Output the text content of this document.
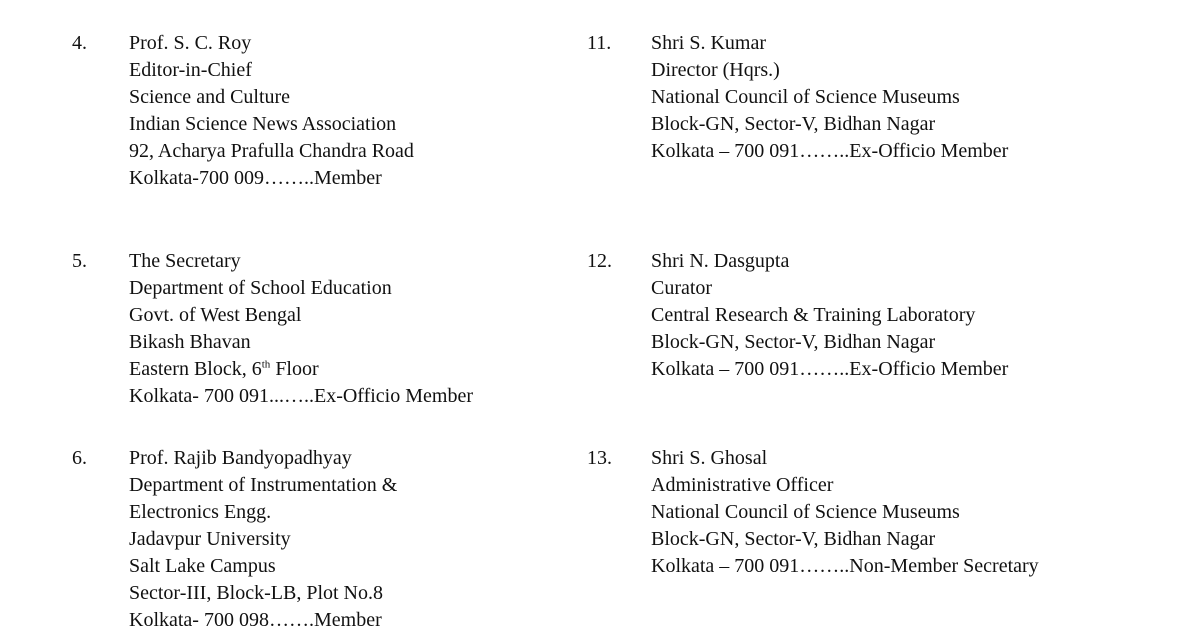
4. Prof. S. C. Roy
Editor-in-Chief
Science and Culture
Indian Science News Association
92, Acharya Prafulla Chandra Road
Kolkata-700 009……..Member
11. Shri S. Kumar
Director (Hqrs.)
National Council of Science Museums
Block-GN, Sector-V, Bidhan Nagar
Kolkata – 700 091……..Ex-Officio Member
5. The Secretary
Department of School Education
Govt. of West Bengal
Bikash Bhavan
Eastern Block, 6th Floor
Kolkata- 700 091...…..Ex-Officio Member
12. Shri N. Dasgupta
Curator
Central Research & Training Laboratory
Block-GN, Sector-V, Bidhan Nagar
Kolkata – 700 091……..Ex-Officio Member
6. Prof. Rajib Bandyopadhyay
Department of Instrumentation &
Electronics Engg.
Jadavpur University
Salt Lake Campus
Sector-III, Block-LB, Plot No.8
Kolkata- 700 098…….Member
13. Shri S. Ghosal
Administrative Officer
National Council of Science Museums
Block-GN, Sector-V, Bidhan Nagar
Kolkata – 700 091……..Non-Member Secretary
